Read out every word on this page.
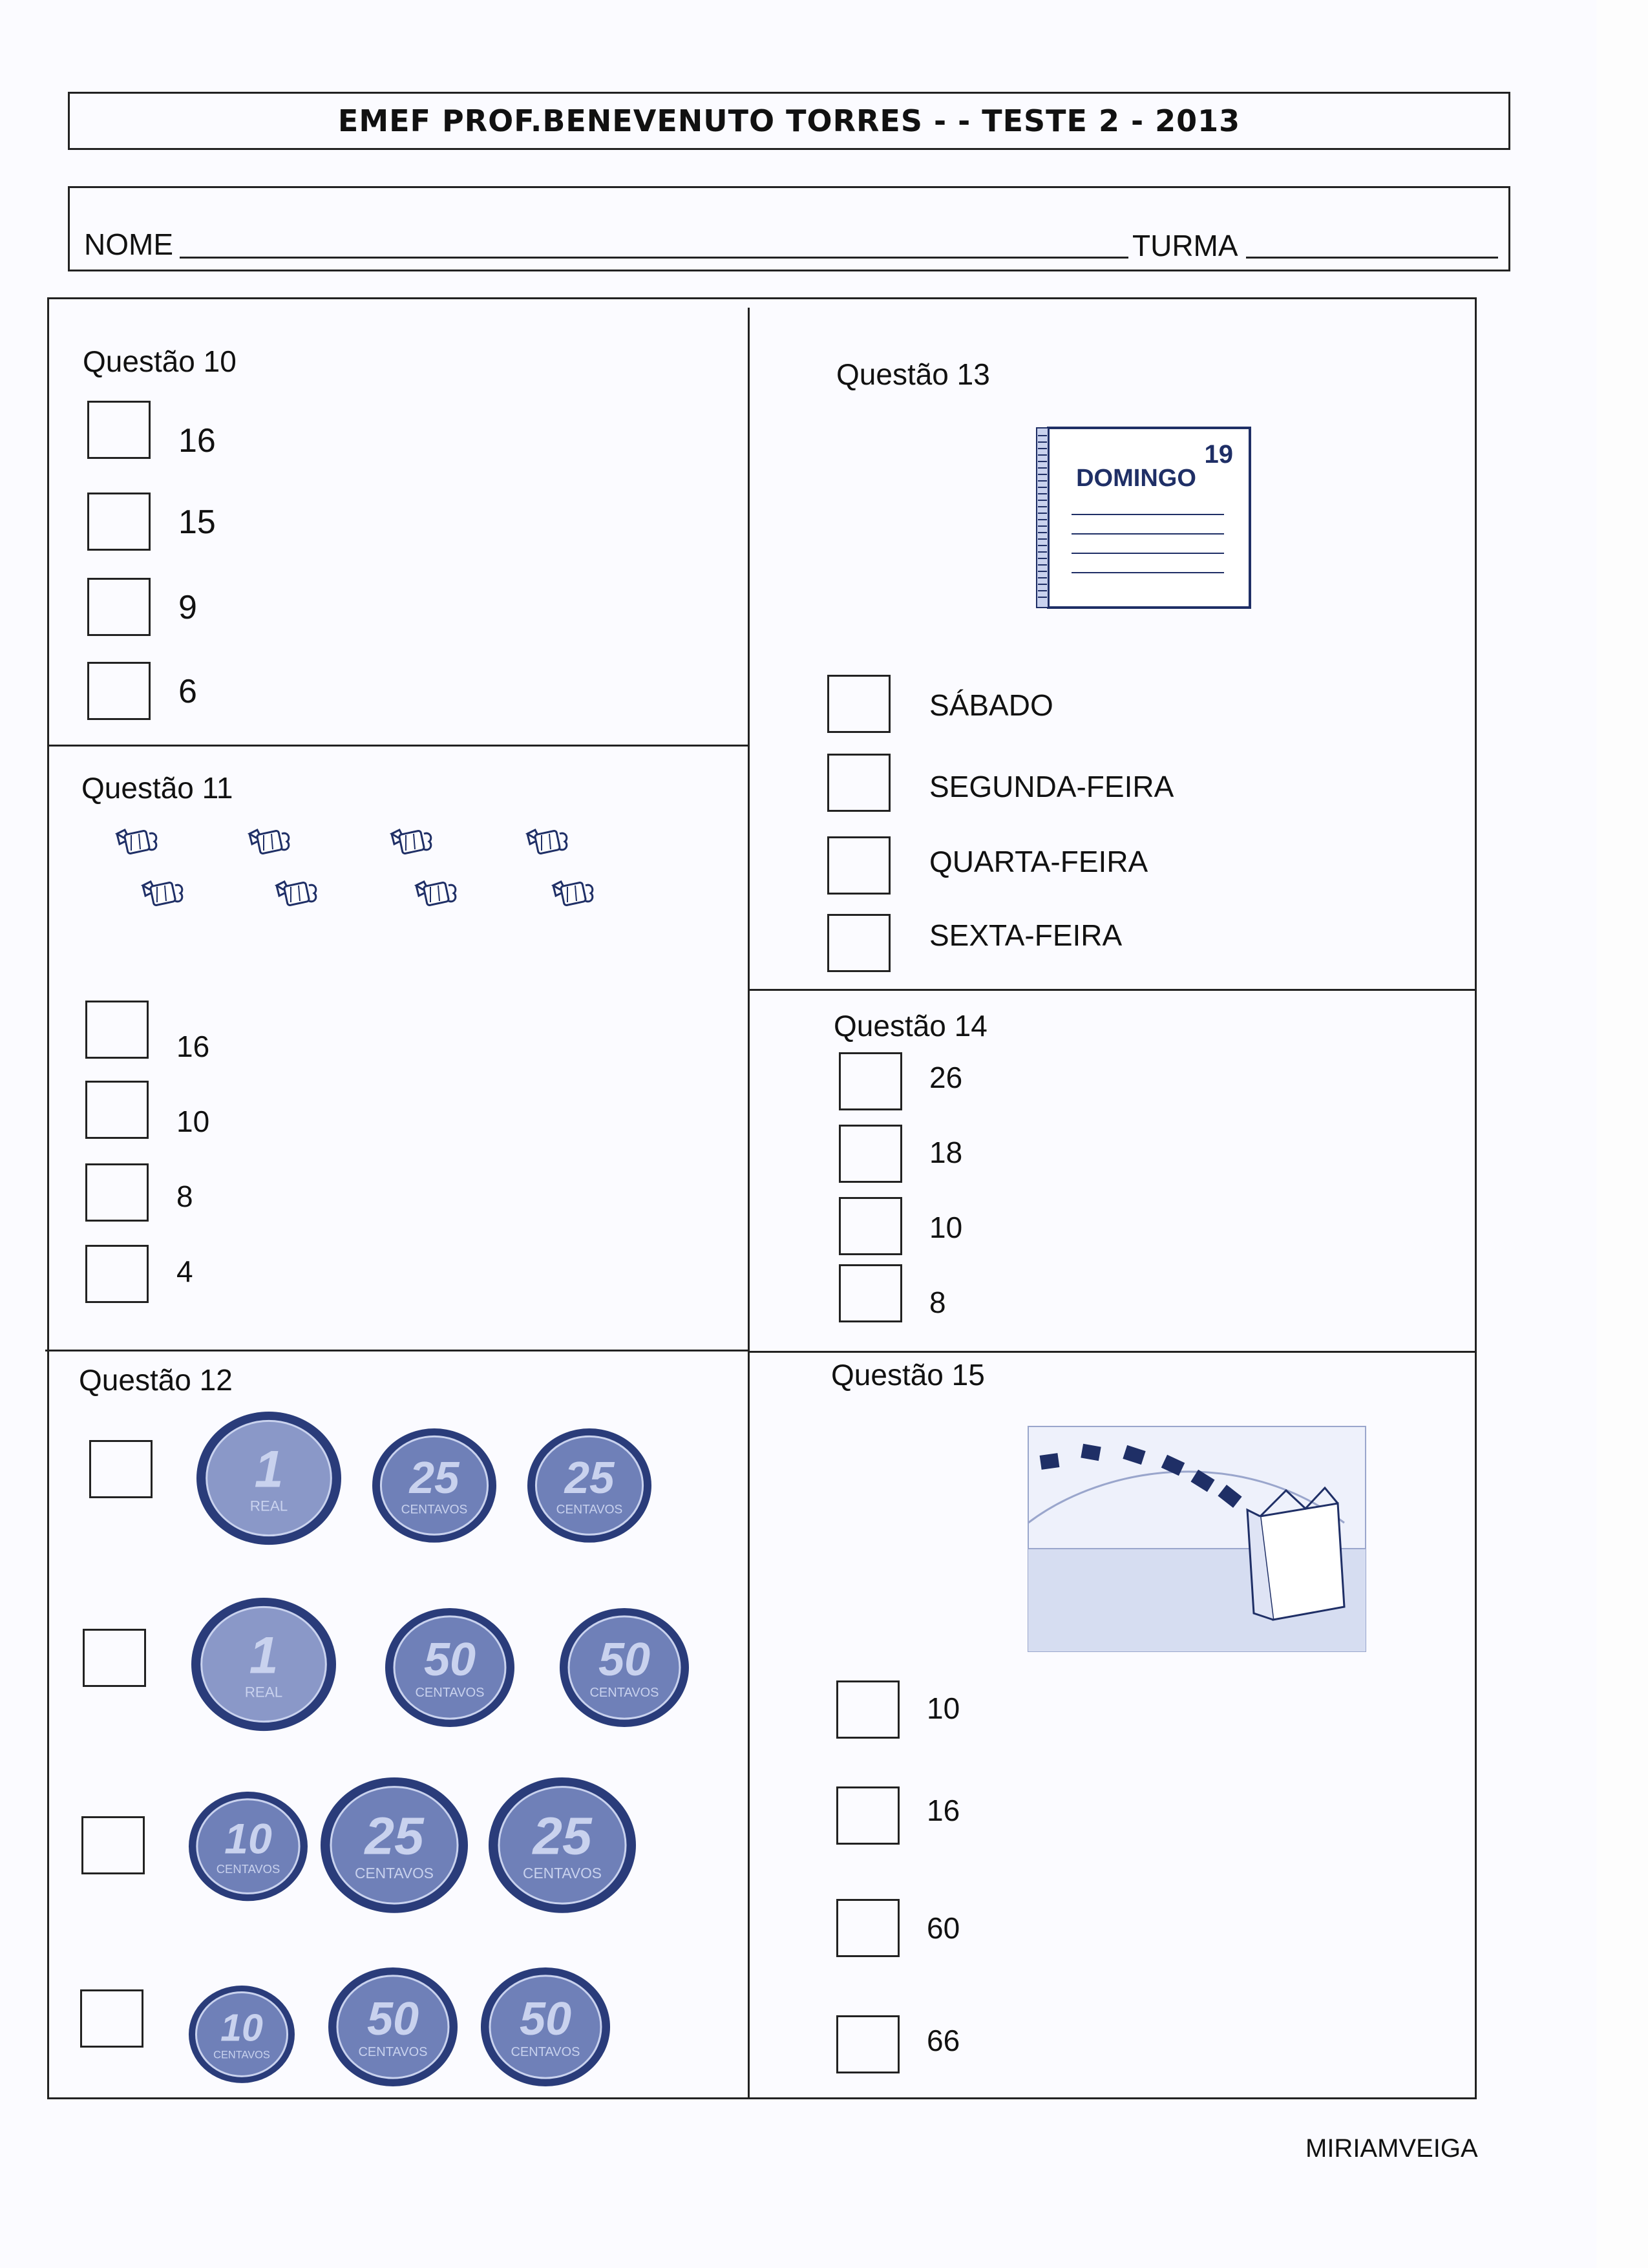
EMEF PROF.BENEVENUTO TORRES - - TESTE 2 - 2013
NOME	TURMA
Questão 10
16
15
9
6
Questão 11
16
10
8
4
Questão 12
1
REAL
25
CENTAVOS
25
CENTAVOS
1
REAL
50
CENTAVOS
50
CENTAVOS
10
CENTAVOS
25
CENTAVOS
25
CENTAVOS
10
CENTAVOS
50
CENTAVOS
50
CENTAVOS
Questão 13
19
DOMINGO
SÁBADO
SEGUNDA-FEIRA
QUARTA-FEIRA
SEXTA-FEIRA
Questão 14
26
18
10
8
Questão 15
10
16
60
66
MIRIAMVEIGA
